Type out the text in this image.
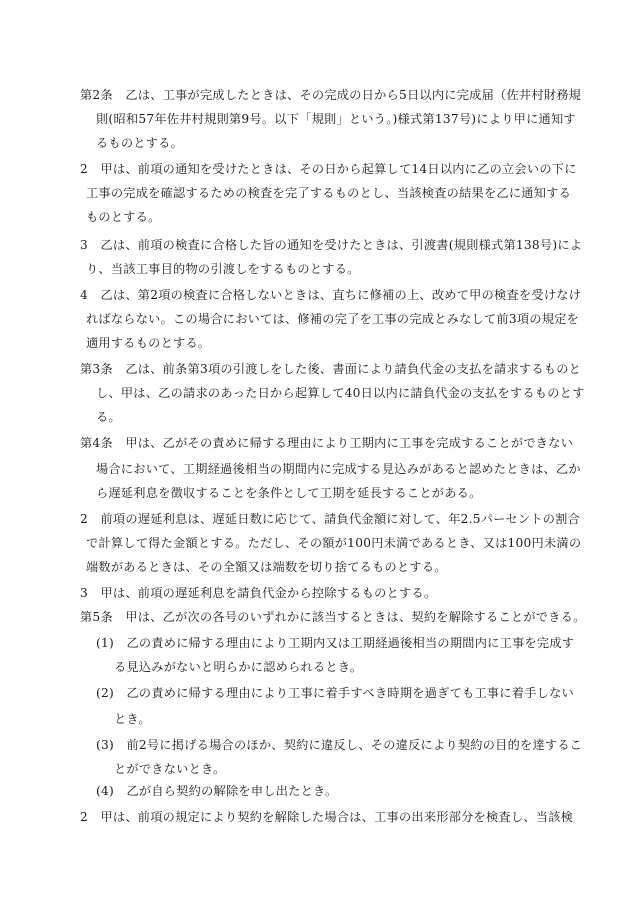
第2条　乙は、工事が完成したときは、その完成の日から5日以内に完成届（佐井村財務規
則(昭和57年佐井村規則第9号。以下「規則」という。)様式第137号)により甲に通知す
るものとする。
2　甲は、前項の通知を受けたときは、その日から起算して14日以内に乙の立会いの下に
工事の完成を確認するための検査を完了するものとし、当該検査の結果を乙に通知する
ものとする。
3　乙は、前項の検査に合格した旨の通知を受けたときは、引渡書(規則様式第138号)によ
り、当該工事目的物の引渡しをするものとする。
4　乙は、第2項の検査に合格しないときは、直ちに修補の上、改めて甲の検査を受けなけ
ればならない。この場合においては、修補の完了を工事の完成とみなして前3項の規定を
適用するものとする。
第3条　乙は、前条第3項の引渡しをした後、書面により請負代金の支払を請求するものと
し、甲は、乙の請求のあった日から起算して40日以内に請負代金の支払をするものとす
る。
第4条　甲は、乙がその責めに帰する理由により工期内に工事を完成することができない
場合において、工期経過後相当の期間内に完成する見込みがあると認めたときは、乙か
ら遅延利息を徴収することを条件として工期を延長することがある。
2　前項の遅延利息は、遅延日数に応じて、請負代金額に対して、年2.5パーセントの割合
で計算して得た金額とする。ただし、その額が100円未満であるとき、又は100円未満の
端数があるときは、その全額又は端数を切り捨てるものとする。
3　甲は、前項の遅延利息を請負代金から控除するものとする。
第5条　甲は、乙が次の各号のいずれかに該当するときは、契約を解除することができる。
(1)　乙の責めに帰する理由により工期内又は工期経過後相当の期間内に工事を完成す
る見込みがないと明らかに認められるとき。
(2)　乙の責めに帰する理由により工事に着手すべき時期を過ぎても工事に着手しない
とき。
(3)　前2号に掲げる場合のほか、契約に違反し、その違反により契約の目的を達するこ
とができないとき。
(4)　乙が自ら契約の解除を申し出たとき。
2　甲は、前項の規定により契約を解除した場合は、工事の出来形部分を検査し、当該検
